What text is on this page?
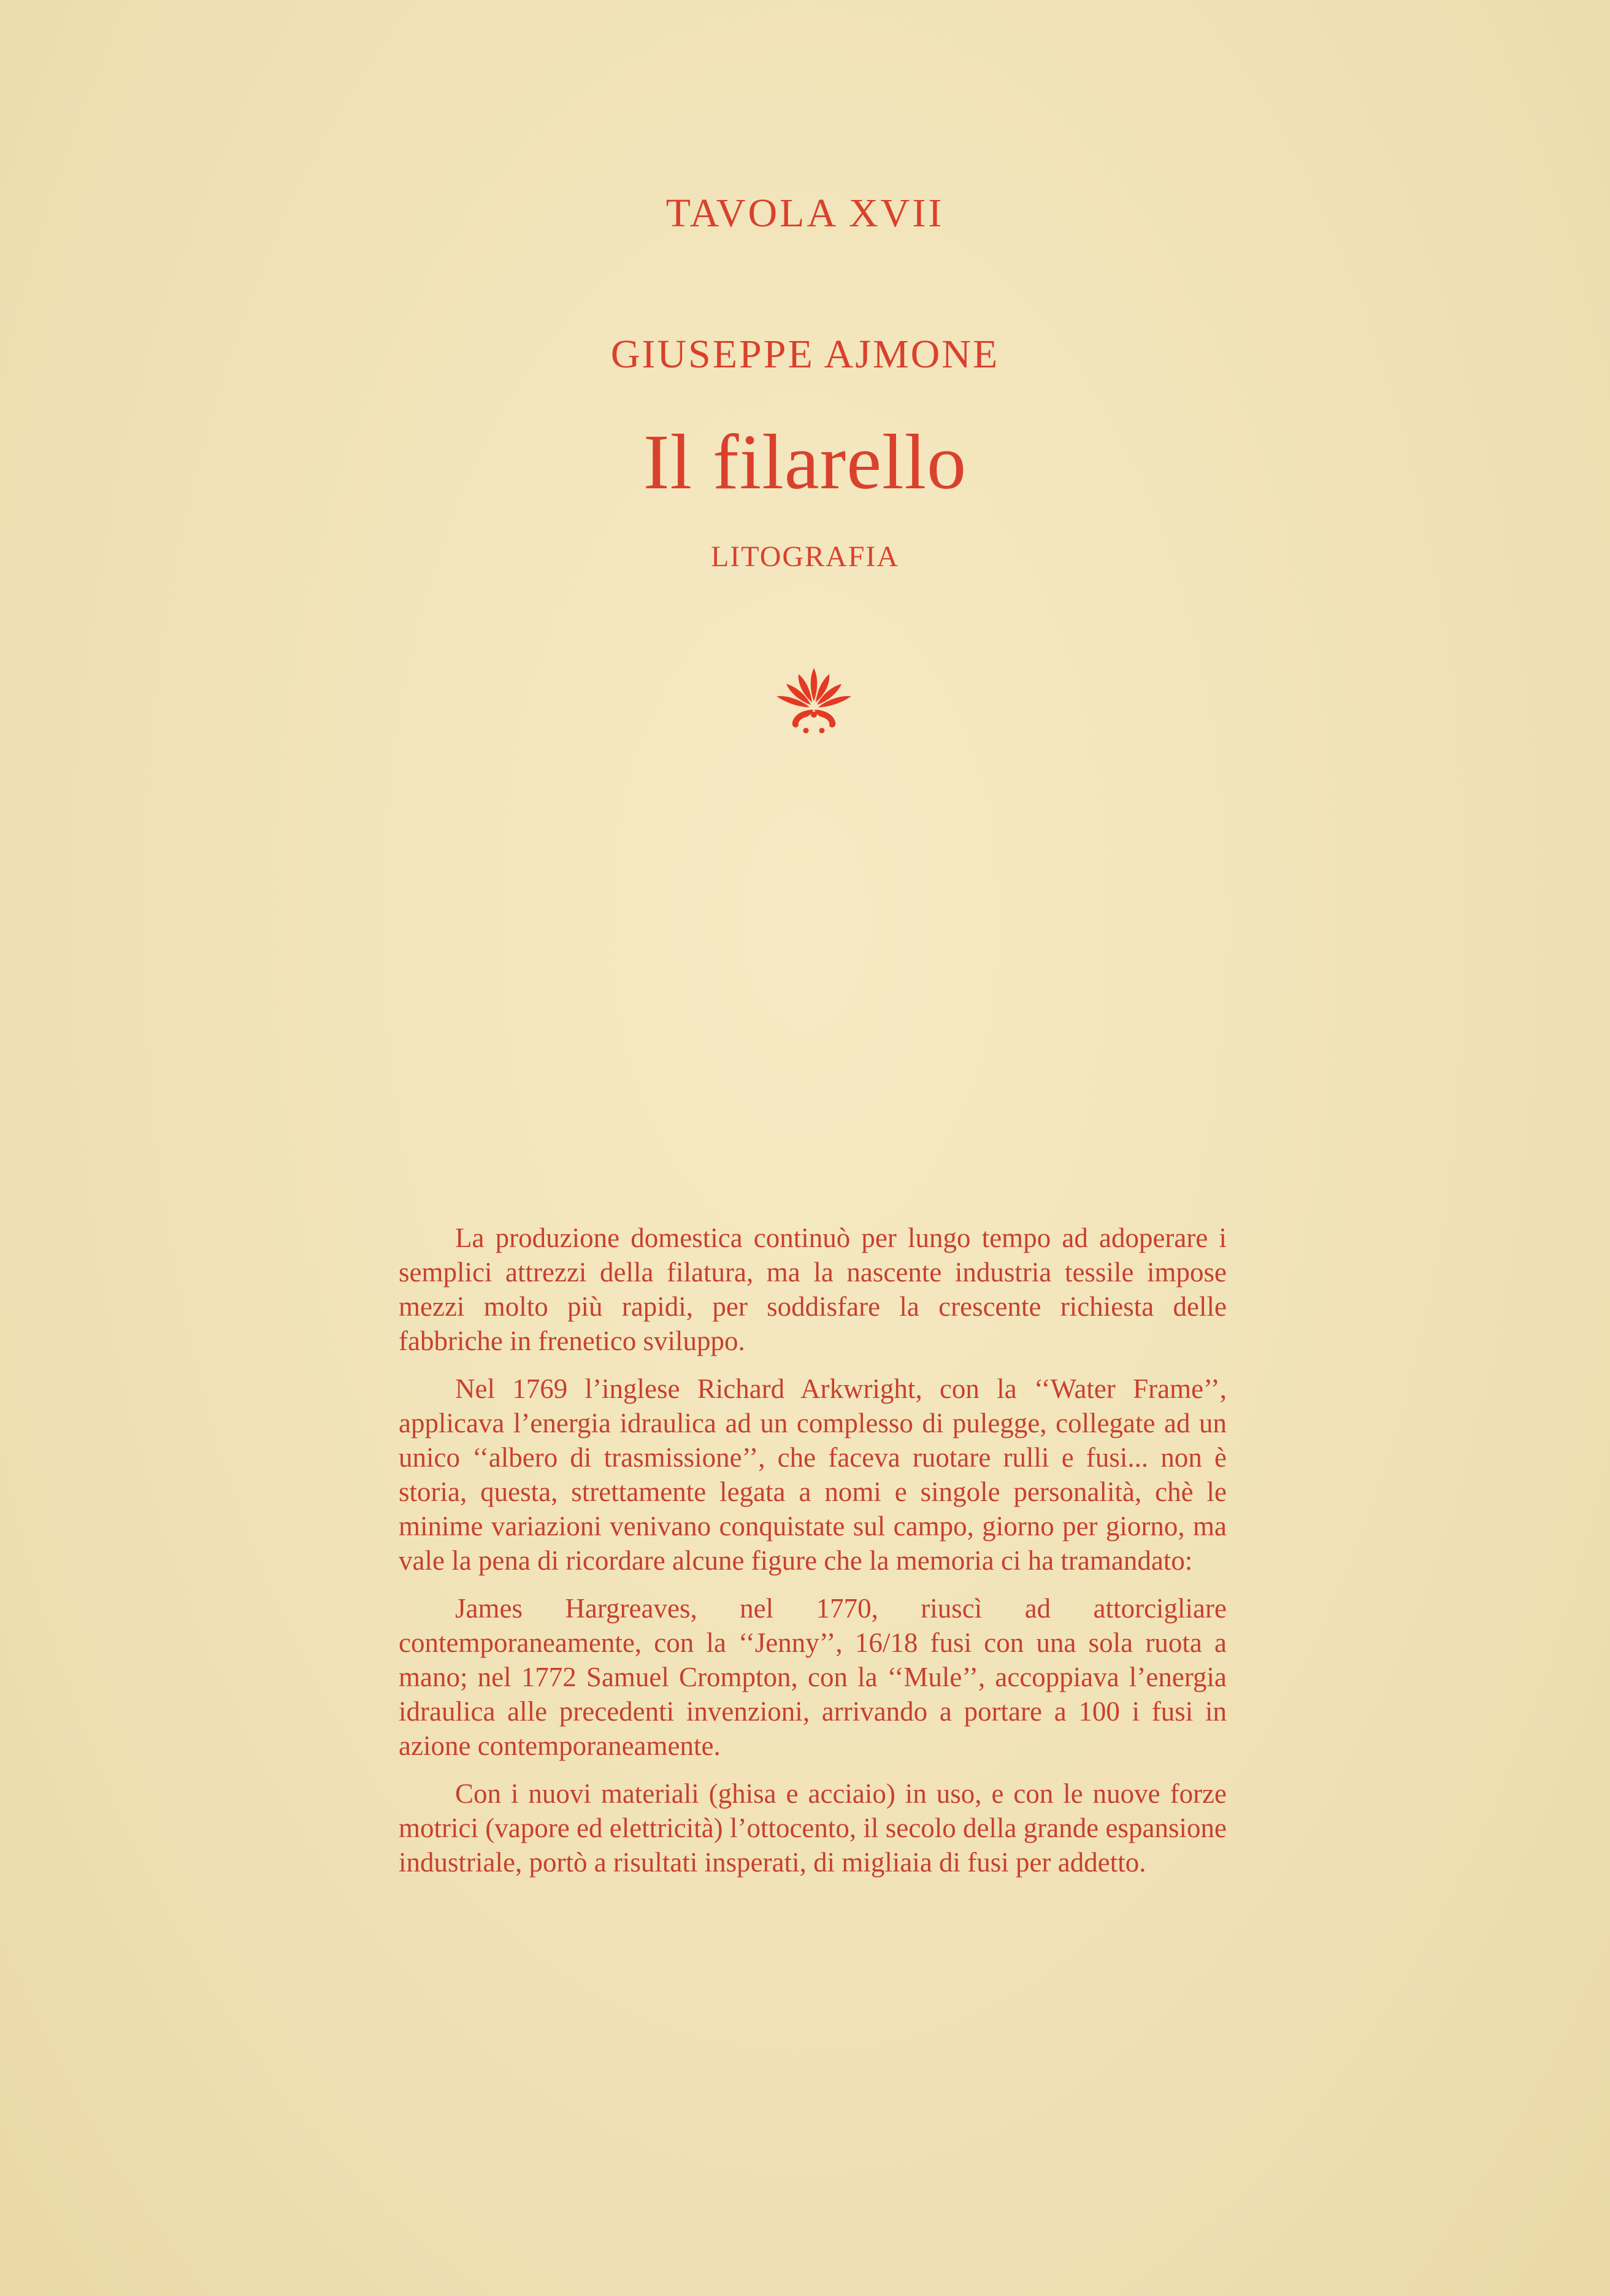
TAVOLA XVII
GIUSEPPE AJMONE
Il filarello
LITOGRAFIA

La produzione domestica continuò per lungo tempo ad adoperare i semplici attrezzi della filatura, ma la nascente industria tessile impose mezzi molto più rapidi, per soddisfare la crescente richiesta delle fabbriche in frenetico sviluppo.

Nel 1769 l’inglese Richard Arkwright, con la ‘‘Water Frame’’, applicava l’energia idraulica ad un complesso di pulegge, collegate ad un unico ‘‘albero di trasmissione’’, che faceva ruotare rulli e fusi... non è storia, questa, strettamente legata a nomi e singole personalità, chè le minime variazioni venivano conquistate sul campo, giorno per giorno, ma vale la pena di ricordare alcune figure che la memoria ci ha tramandato:

James Hargreaves, nel 1770, riuscì ad attorcigliare contemporaneamente, con la ‘‘Jenny’’, 16/18 fusi con una sola ruota a mano; nel 1772 Samuel Crompton, con la ‘‘Mule’’, accoppiava l’energia idraulica alle precedenti invenzioni, arrivando a portare a 100 i fusi in azione contemporaneamente.

Con i nuovi materiali (ghisa e acciaio) in uso, e con le nuove forze motrici (vapore ed elettricità) l’ottocento, il secolo della grande espansione industriale, portò a risultati insperati, di migliaia di fusi per addetto.
